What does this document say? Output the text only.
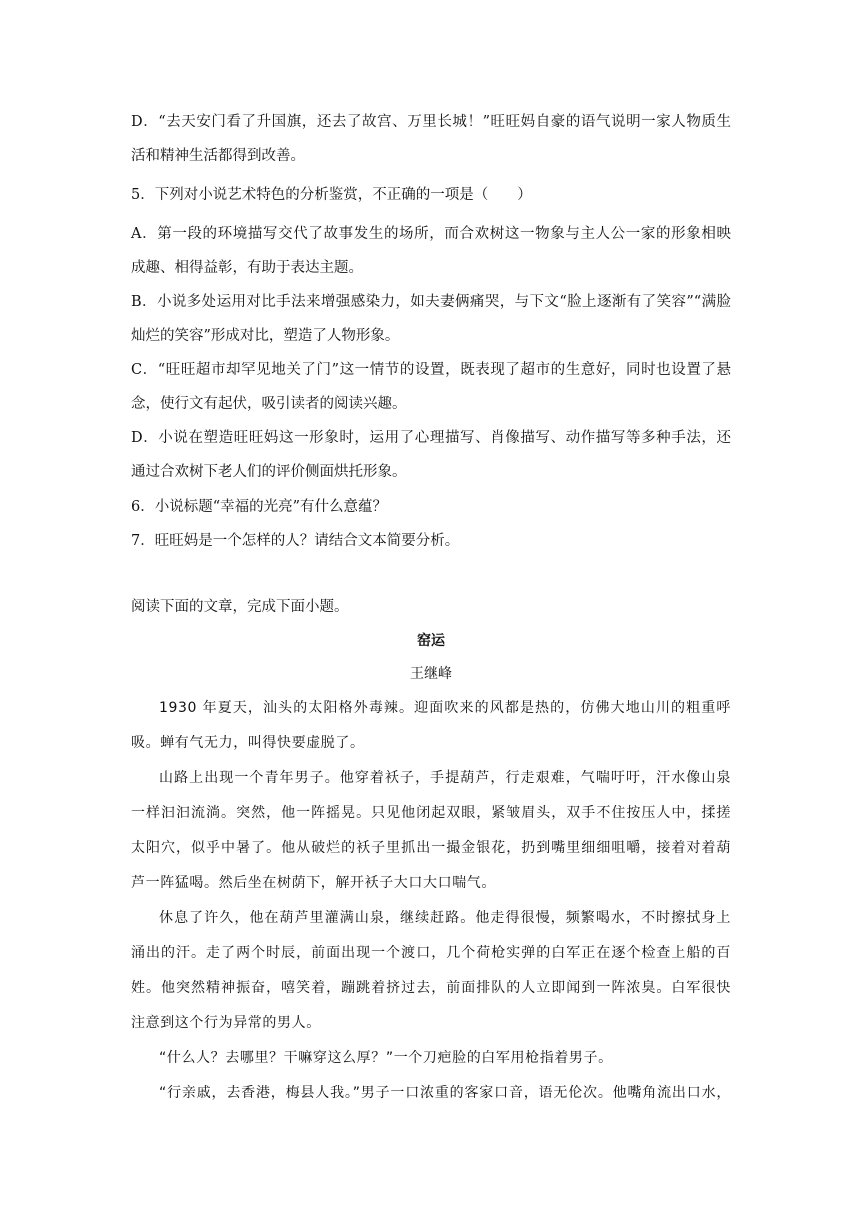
D．“去天安门看了升国旗，还去了故宫、万里长城！”旺旺妈自豪的语气说明一家人物质生
活和精神生活都得到改善。
5．下列对小说艺术特色的分析鉴赏，不正确的一项是（　　）
A．第一段的环境描写交代了故事发生的场所，而合欢树这一物象与主人公一家的形象相映
成趣、相得益彰，有助于表达主题。
B．小说多处运用对比手法来增强感染力，如夫妻俩痛哭，与下文“脸上逐渐有了笑容”“满脸
灿烂的笑容”形成对比，塑造了人物形象。
C．“旺旺超市却罕见地关了门”这一情节的设置，既表现了超市的生意好，同时也设置了悬
念，使行文有起伏，吸引读者的阅读兴趣。
D．小说在塑造旺旺妈这一形象时，运用了心理描写、肖像描写、动作描写等多种手法，还
通过合欢树下老人们的评价侧面烘托形象。
6．小说标题“幸福的光亮”有什么意蕴？
7．旺旺妈是一个怎样的人？请结合文本简要分析。
阅读下面的文章，完成下面小题。
窑运
王继峰
1930 年夏天，汕头的太阳格外毒辣。迎面吹来的风都是热的，仿佛大地山川的粗重呼
吸。蝉有气无力，叫得快要虚脱了。
山路上出现一个青年男子。他穿着袄子，手提葫芦，行走艰难，气喘吁吁，汗水像山泉
一样汩汩流淌。突然，他一阵摇晃。只见他闭起双眼，紧皱眉头，双手不住按压人中，揉搓
太阳穴，似乎中暑了。他从破烂的袄子里抓出一撮金银花，扔到嘴里细细咀嚼，接着对着葫
芦一阵猛喝。然后坐在树荫下，解开袄子大口大口喘气。
休息了许久，他在葫芦里灌满山泉，继续赶路。他走得很慢，频繁喝水，不时擦拭身上
涌出的汗。走了两个时辰，前面出现一个渡口，几个荷枪实弹的白军正在逐个检查上船的百
姓。他突然精神振奋，嘻笑着，蹦跳着挤过去，前面排队的人立即闻到一阵浓臭。白军很快
注意到这个行为异常的男人。
“什么人？去哪里？干嘛穿这么厚？”一个刀疤脸的白军用枪指着男子。
“行亲戚，去香港，梅县人我。”男子一口浓重的客家口音，语无伦次。他嘴角流出口水，
